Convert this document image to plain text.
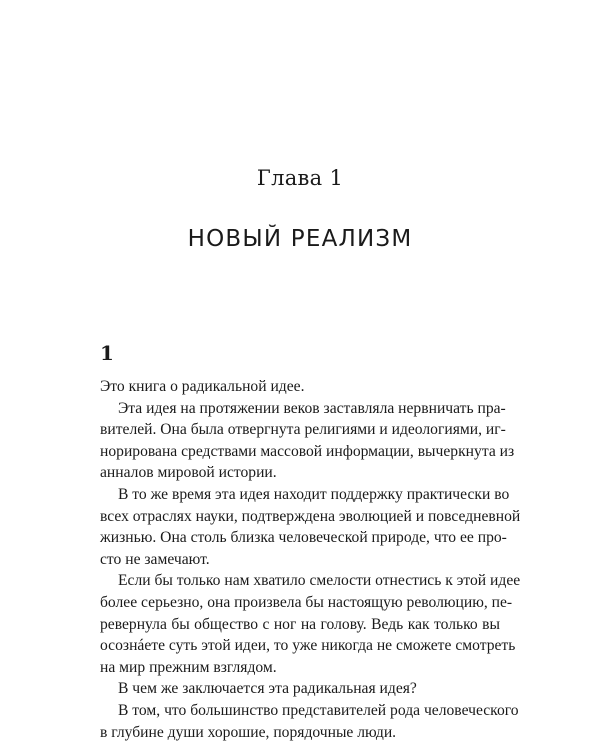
Глава 1
НОВЫЙ РЕАЛИЗМ
1
Это книга о радикальной идее.
Эта идея на протяжении веков заставляла нервничать пра-
вителей. Она была отвергнута религиями и идеологиями, иг-
норирована средствами массовой информации, вычеркнута из
анналов мировой истории.
В то же время эта идея находит поддержку практически во
всех отраслях науки, подтверждена эволюцией и повседневной
жизнью. Она столь близка человеческой природе, что ее про-
сто не замечают.
Если бы только нам хватило смелости отнестись к этой идее
более серьезно, она произвела бы настоящую революцию, пе-
ревернула бы общество с ног на голову. Ведь как только вы
осознáете суть этой идеи, то уже никогда не сможете смотреть
на мир прежним взглядом.
В чем же заключается эта радикальная идея?
В том, что большинство представителей рода человеческого
в глубине души хорошие, порядочные люди.
